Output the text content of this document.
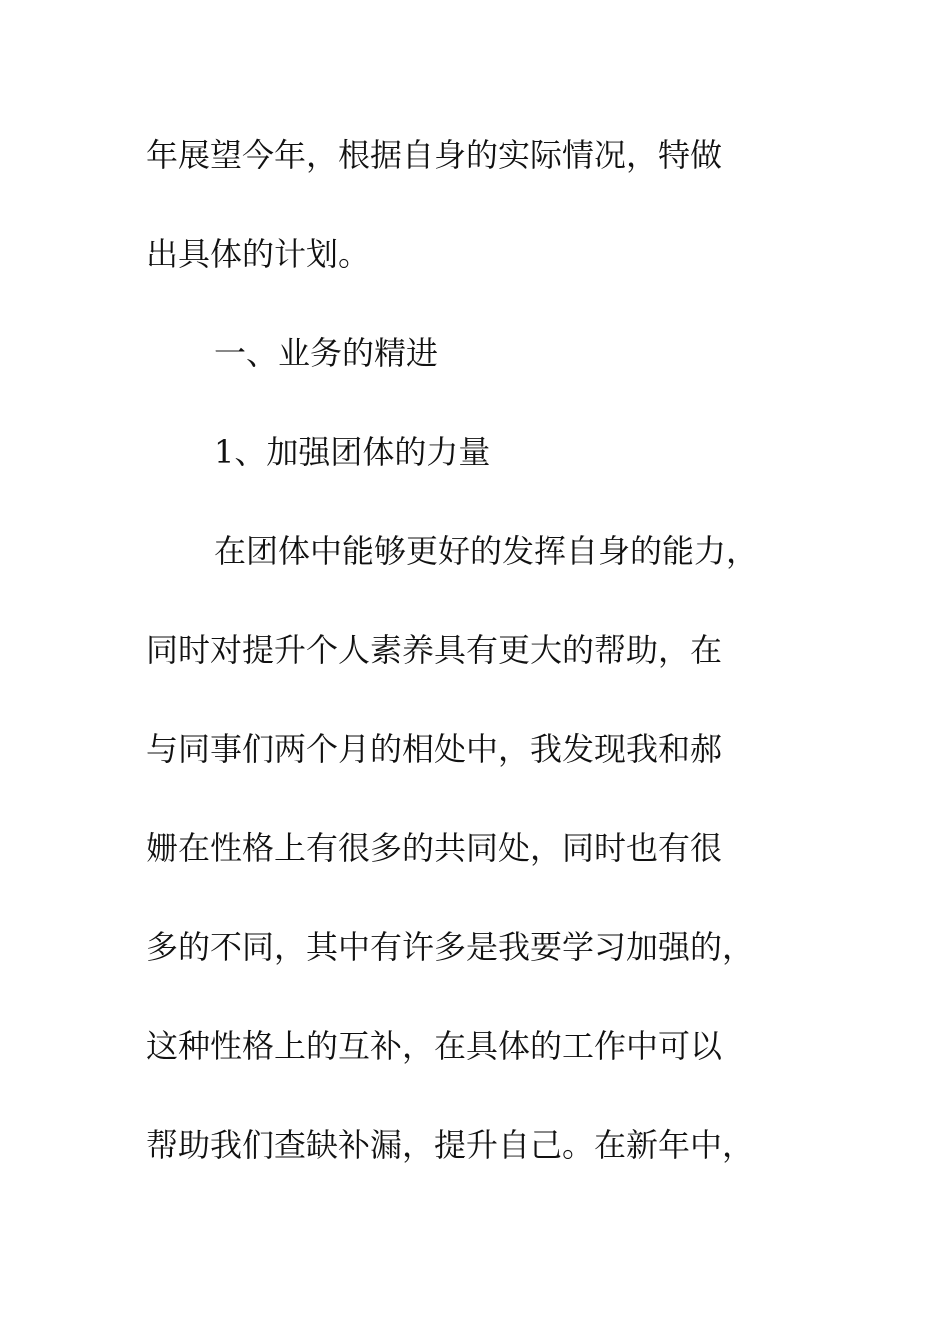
年展望今年，根据自身的实际情况，特做
出具体的计划。
一、业务的精进
1、加强团体的力量
在团体中能够更好的发挥自身的能力，
同时对提升个人素养具有更大的帮助，在
与同事们两个月的相处中，我发现我和郝
姗在性格上有很多的共同处，同时也有很
多的不同，其中有许多是我要学习加强的，
这种性格上的互补，在具体的工作中可以
帮助我们查缺补漏，提升自己。在新年中，
